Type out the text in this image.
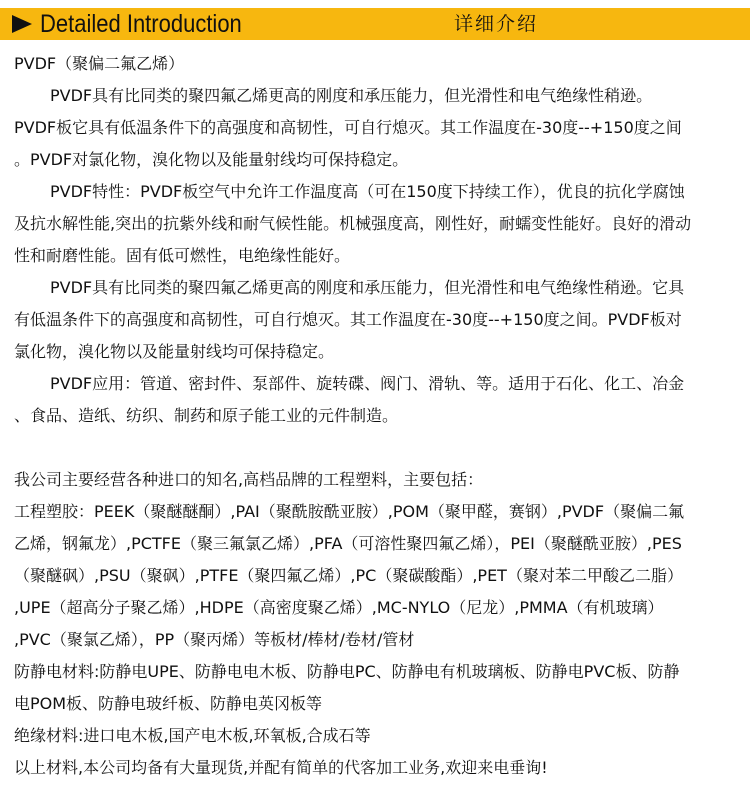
Detailed Introduction	详细介绍
PVDF（聚偏二氟乙烯）
PVDF具有比同类的聚四氟乙烯更高的刚度和承压能力，但光滑性和电气绝缘性稍逊。
PVDF板它具有低温条件下的高强度和高韧性，可自行熄灭。其工作温度在-30度--+150度之间
。PVDF对氯化物，溴化物以及能量射线均可保持稳定。
PVDF特性：PVDF板空气中允许工作温度高（可在150度下持续工作），优良的抗化学腐蚀
及抗水解性能,突出的抗紫外线和耐气候性能。机械强度高，刚性好，耐蠕变性能好。良好的滑动
性和耐磨性能。固有低可燃性，电绝缘性能好。
PVDF具有比同类的聚四氟乙烯更高的刚度和承压能力，但光滑性和电气绝缘性稍逊。它具
有低温条件下的高强度和高韧性，可自行熄灭。其工作温度在-30度--+150度之间。PVDF板对
氯化物，溴化物以及能量射线均可保持稳定。
PVDF应用：管道、密封件、泵部件、旋转碟、阀门、滑轨、等。适用于石化、化工、冶金
、食品、造纸、纺织、制药和原子能工业的元件制造。
我公司主要经营各种进口的知名,高档品牌的工程塑料，主要包括：
工程塑胶：PEEK（聚醚醚酮）,PAI（聚酰胺酰亚胺）,POM（聚甲醛，赛钢）,PVDF（聚偏二氟
乙烯，钢氟龙）,PCTFE（聚三氟氯乙烯）,PFA（可溶性聚四氟乙烯），PEI（聚醚酰亚胺）,PES
（聚醚砜）,PSU（聚砜）,PTFE（聚四氟乙烯）,PC（聚碳酸酯）,PET（聚对苯二甲酸乙二脂）
,UPE（超高分子聚乙烯）,HDPE（高密度聚乙烯）,MC-NYLO（尼龙）,PMMA（有机玻璃）
,PVC（聚氯乙烯），PP（聚丙烯）等板材/棒材/卷材/管材
防静电材料:防静电UPE、防静电电木板、防静电PC、防静电有机玻璃板、防静电PVC板、防静
电POM板、防静电玻纤板、防静电英冈板等
绝缘材料:进口电木板,国产电木板,环氧板,合成石等
以上材料,本公司均备有大量现货,并配有简单的代客加工业务,欢迎来电垂询!
